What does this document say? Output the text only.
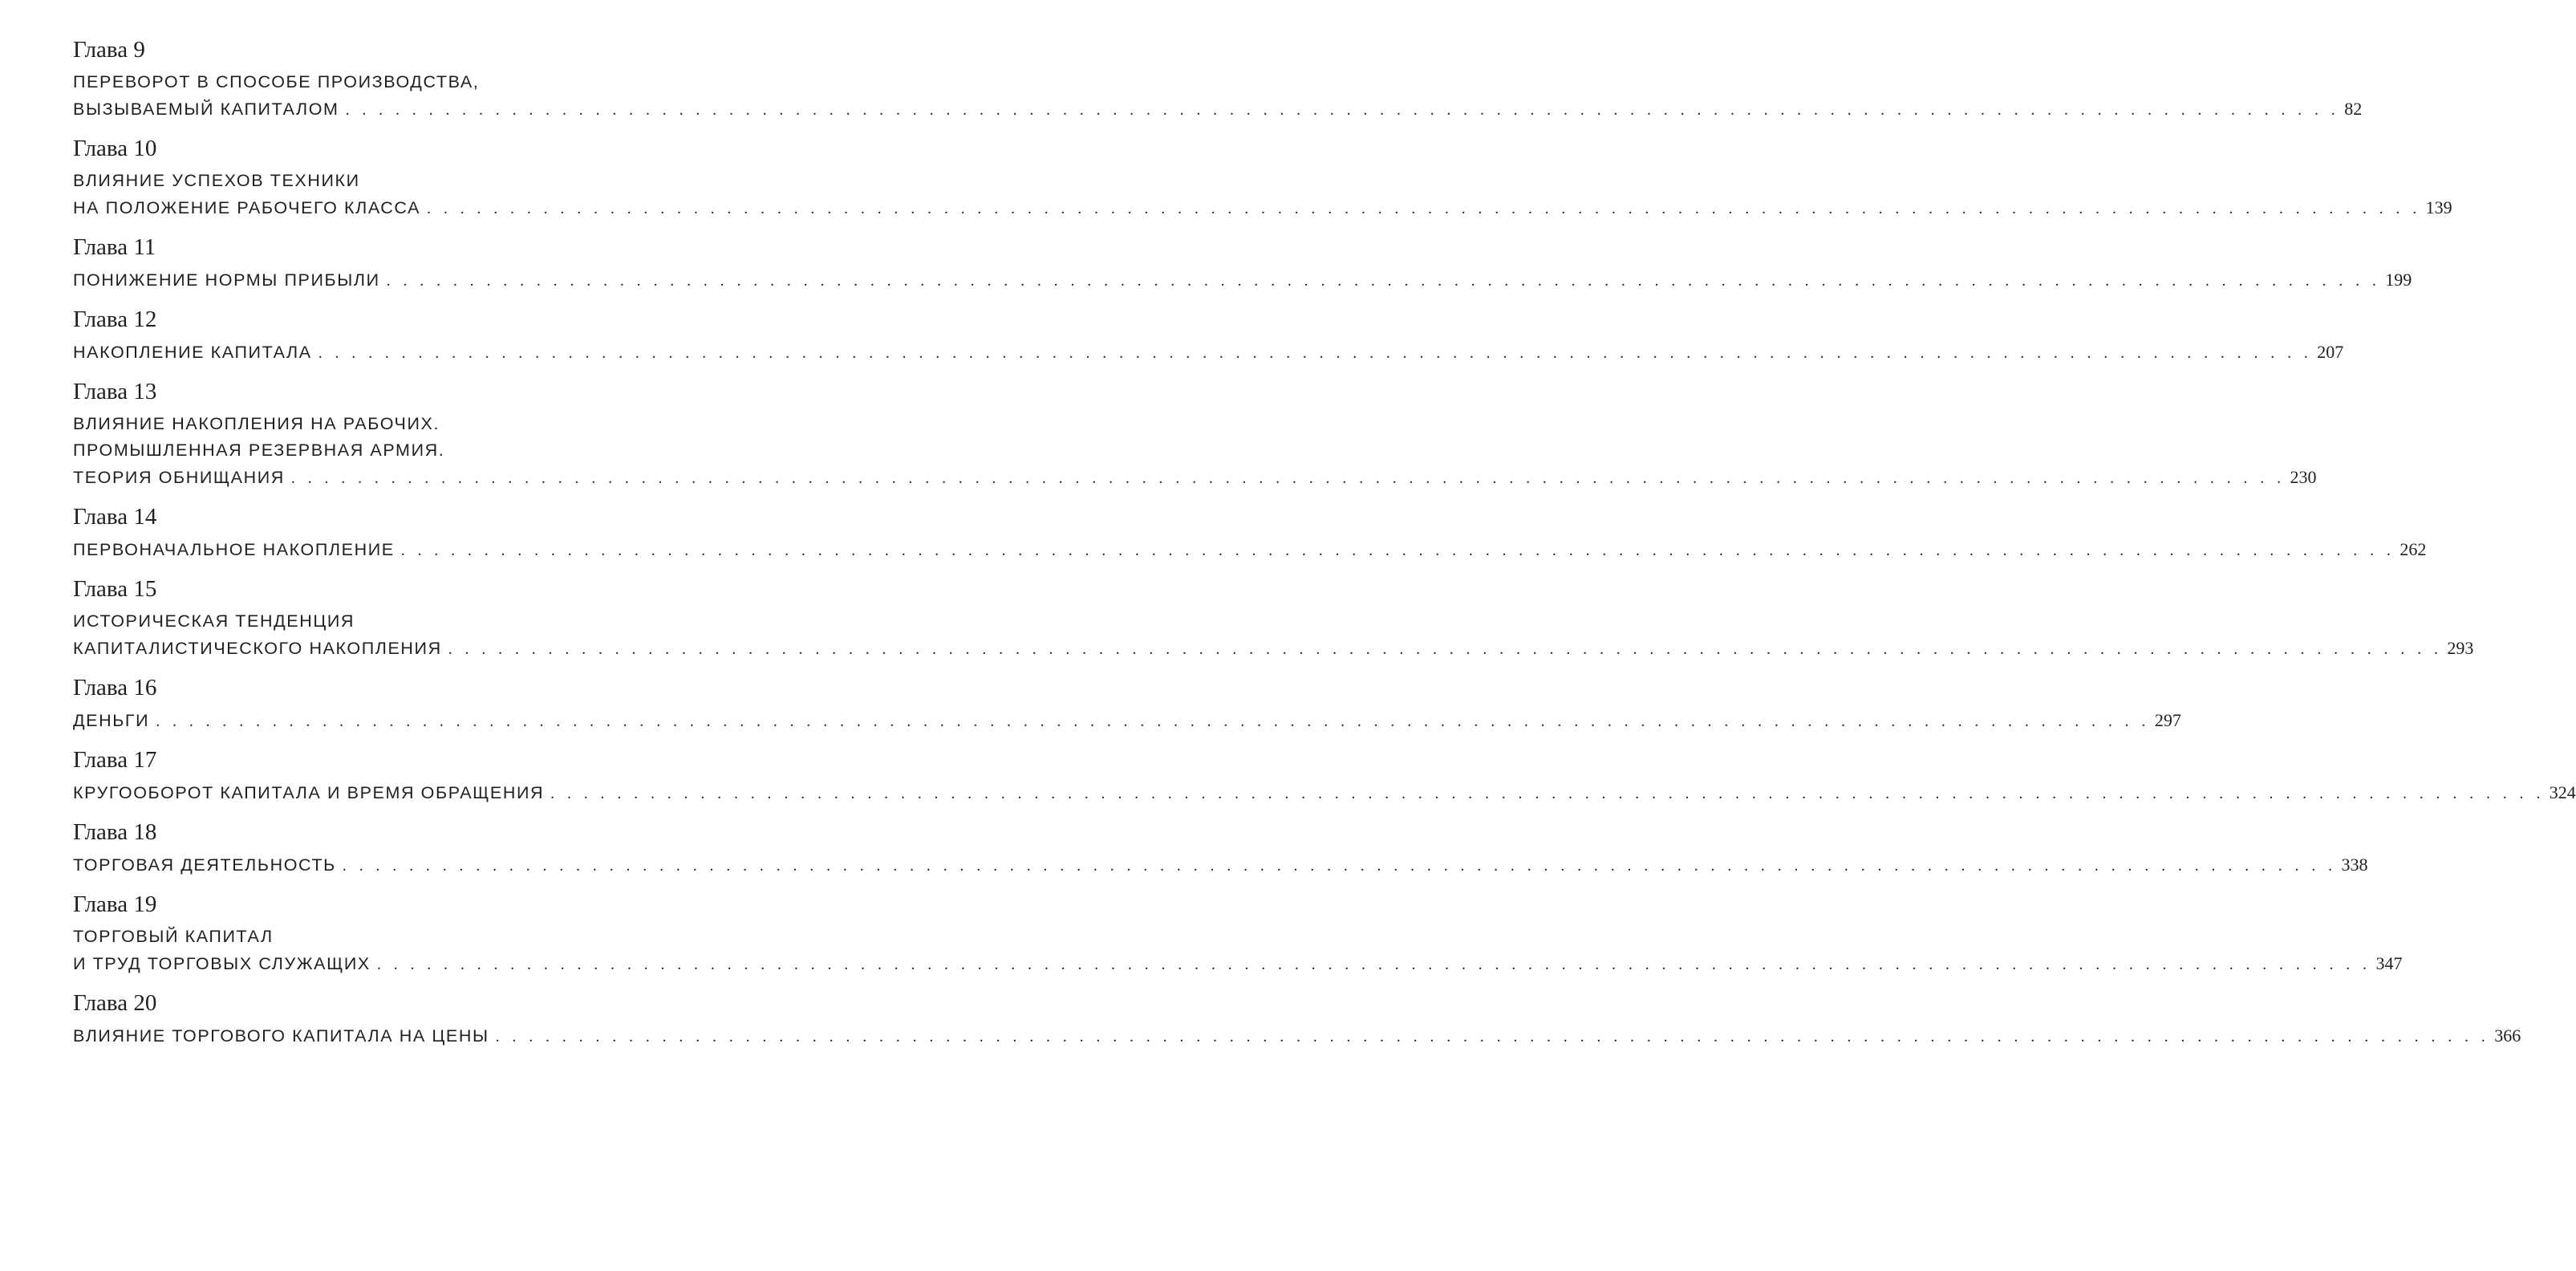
Глава 9
ПЕРЕВОРОТ В СПОСОБЕ ПРОИЗВОДСТВА,
ВЫЗЫВАЕМЫЙ КАПИТАЛОМ . . . . . . . . . . . . . . . . . . . . . . . . . . . . . . . . . . . . . . . . . . . . . . . . . . . . . . . . . . . . . . . . . . . . . . . . . . . . . . . . . . . . . . . . . . . . . . . . . . . . . . . . . . . . . . . . . . . . . . . . 82
Глава 10
ВЛИЯНИЕ УСПЕХОВ ТЕХНИКИ
НА ПОЛОЖЕНИЕ РАБОЧЕГО КЛАССА . . . . . . . . . . . . . . . . . . . . . . . . . . . . . . . . . . . . . . . . . . . . . . . . . . . . . . . . . . . . . . . . . . . . . . . . . . . . . . . . . . . . . . . . . . . . . . . . . . . . . . . . . . . . . . . . . . . . . . . . 139
Глава 11
ПОНИЖЕНИЕ НОРМЫ ПРИБЫЛИ . . . . . . . . . . . . . . . . . . . . . . . . . . . . . . . . . . . . . . . . . . . . . . . . . . . . . . . . . . . . . . . . . . . . . . . . . . . . . . . . . . . . . . . . . . . . . . . . . . . . . . . . . . . . . . . . . . . . . . . . 199
Глава 12
НАКОПЛЕНИЕ КАПИТАЛА . . . . . . . . . . . . . . . . . . . . . . . . . . . . . . . . . . . . . . . . . . . . . . . . . . . . . . . . . . . . . . . . . . . . . . . . . . . . . . . . . . . . . . . . . . . . . . . . . . . . . . . . . . . . . . . . . . . . . . . . 207
Глава 13
ВЛИЯНИЕ НАКОПЛЕНИЯ НА РАБОЧИХ.
ПРОМЫШЛЕННАЯ РЕЗЕРВНАЯ АРМИЯ.
ТЕОРИЯ ОБНИЩАНИЯ . . . . . . . . . . . . . . . . . . . . . . . . . . . . . . . . . . . . . . . . . . . . . . . . . . . . . . . . . . . . . . . . . . . . . . . . . . . . . . . . . . . . . . . . . . . . . . . . . . . . . . . . . . . . . . . . . . . . . . . . 230
Глава 14
ПЕРВОНАЧАЛЬНОЕ НАКОПЛЕНИЕ . . . . . . . . . . . . . . . . . . . . . . . . . . . . . . . . . . . . . . . . . . . . . . . . . . . . . . . . . . . . . . . . . . . . . . . . . . . . . . . . . . . . . . . . . . . . . . . . . . . . . . . . . . . . . . . . . . . . . . . . 262
Глава 15
ИСТОРИЧЕСКАЯ ТЕНДЕНЦИЯ
КАПИТАЛИСТИЧЕСКОГО НАКОПЛЕНИЯ . . . . . . . . . . . . . . . . . . . . . . . . . . . . . . . . . . . . . . . . . . . . . . . . . . . . . . . . . . . . . . . . . . . . . . . . . . . . . . . . . . . . . . . . . . . . . . . . . . . . . . . . . . . . . . . . . . . . . . . . 293
Глава 16
ДЕНЬГИ . . . . . . . . . . . . . . . . . . . . . . . . . . . . . . . . . . . . . . . . . . . . . . . . . . . . . . . . . . . . . . . . . . . . . . . . . . . . . . . . . . . . . . . . . . . . . . . . . . . . . . . . . . . . . . . . . . . . . . . . 297
Глава 17
КРУГООБОРОТ КАПИТАЛА И ВРЕМЯ ОБРАЩЕНИЯ . . . . . . . . . . . . . . . . . . . . . . . . . . . . . . . . . . . . . . . . . . . . . . . . . . . . . . . . . . . . . . . . . . . . . . . . . . . . . . . . . . . . . . . . . . . . . . . . . . . . . . . . . . . . . . . . . . . . . . . . 324
Глава 18
ТОРГОВАЯ ДЕЯТЕЛЬНОСТЬ . . . . . . . . . . . . . . . . . . . . . . . . . . . . . . . . . . . . . . . . . . . . . . . . . . . . . . . . . . . . . . . . . . . . . . . . . . . . . . . . . . . . . . . . . . . . . . . . . . . . . . . . . . . . . . . . . . . . . . . . 338
Глава 19
ТОРГОВЫЙ КАПИТАЛ
И ТРУД ТОРГОВЫХ СЛУЖАЩИХ . . . . . . . . . . . . . . . . . . . . . . . . . . . . . . . . . . . . . . . . . . . . . . . . . . . . . . . . . . . . . . . . . . . . . . . . . . . . . . . . . . . . . . . . . . . . . . . . . . . . . . . . . . . . . . . . . . . . . . . . 347
Глава 20
ВЛИЯНИЕ ТОРГОВОГО КАПИТАЛА НА ЦЕНЫ . . . . . . . . . . . . . . . . . . . . . . . . . . . . . . . . . . . . . . . . . . . . . . . . . . . . . . . . . . . . . . . . . . . . . . . . . . . . . . . . . . . . . . . . . . . . . . . . . . . . . . . . . . . . . . . . . . . . . . . . 366
